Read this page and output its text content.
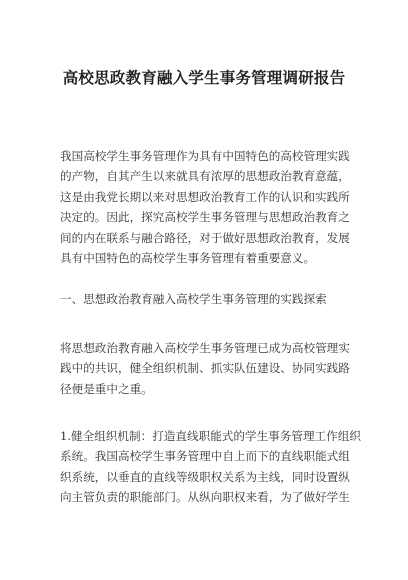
高校思政教育融入学生事务管理调研报告
我国高校学生事务管理作为具有中国特色的高校管理实践
的产物，自其产生以来就具有浓厚的思想政治教育意蕴，
这是由我党长期以来对思想政治教育工作的认识和实践所
决定的。因此，探究高校学生事务管理与思想政治教育之
间的内在联系与融合路径，对于做好思想政治教育，发展
具有中国特色的高校学生事务管理有着重要意义。
一、思想政治教育融入高校学生事务管理的实践探索
将思想政治教育融入高校学生事务管理已成为高校管理实
践中的共识，健全组织机制、抓实队伍建设、协同实践路
径便是重中之重。
1.健全组织机制：打造直线职能式的学生事务管理工作组织
系统。我国高校学生事务管理中自上而下的直线职能式组
织系统，以垂直的直线等级职权关系为主线，同时设置纵
向主管负责的职能部门。从纵向职权来看，为了做好学生
